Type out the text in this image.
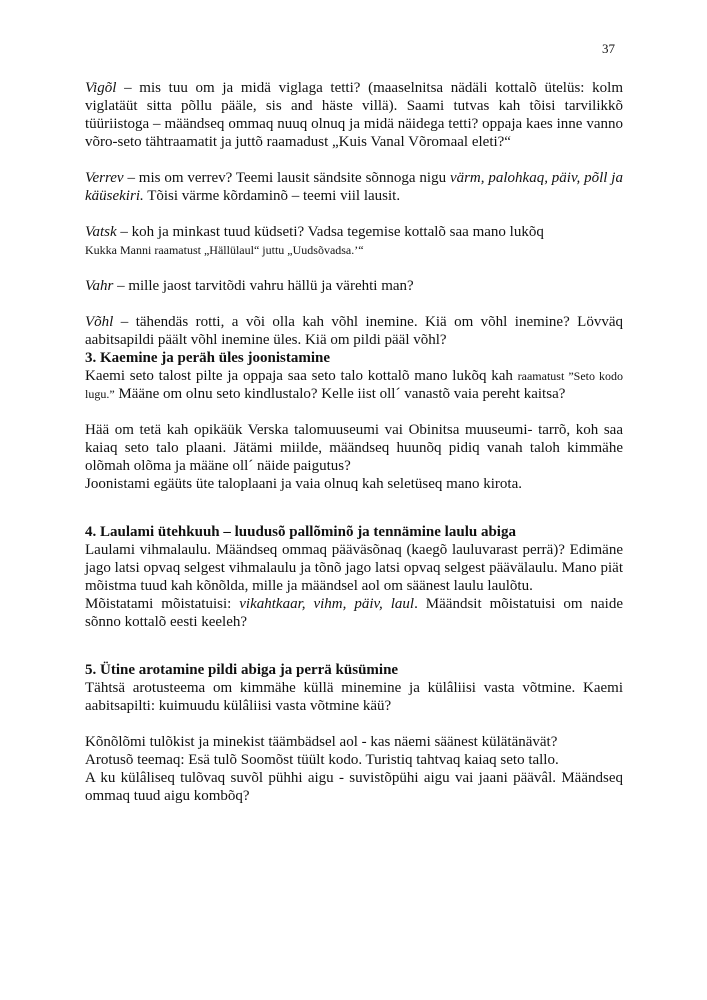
37

Vigõl – mis tuu om ja midä viglaga tetti? (maaselnitsa nädäli kottalõ ütelüs: kolm viglatäüt sitta põllu pääle, sis and häste villä). Saami tutvas kah tõisi tarvilikkõ tüüriistoga – määndseq ommaq nuuq olnuq ja midä näidega tetti? oppaja kaes inne vanno võro-seto tähtraamatit ja juttõ raamadust „Kuis Vanal Võromaal eleti?“

Verrev – mis om verrev? Teemi lausit sändsite sõnnoga nigu värm, palohkaq, päiv, põll ja käüsekiri. Tõisi värme kõrdaminõ – teemi viil lausit.

Vatsk – koh ja minkast tuud küdseti? Vadsa tegemise kottalõ saa mano lukõq
Kukka Manni raamatust „Hällülaul“ juttu „Uudsõvadsa.’“

Vahr – mille jaost tarvitõdi vahru hällü ja värehti man?

Võhl – tähendäs rotti, a või olla kah võhl inemine. Kiä om võhl inemine? Lövväq aabitsapildi päält võhl inemine üles. Kiä om pildi pääl võhl?

3. Kaemine ja peräh üles joonistamine

Kaemi seto talost pilte ja oppaja saa seto talo kottalõ mano lukõq kah raamatust ”Seto kodo lugu.” Määne om olnu seto kindlustalo? Kelle iist oll´ vanastõ vaia pereht kaitsa?

Hää om tetä kah opikäük Verska talomuuseumi vai Obinitsa muuseumi- tarrõ, koh saa kaiaq seto talo plaani. Jätämi miilde, määndseq huunõq pidiq vanah taloh kimmähe olõmah olõma ja määne oll´ näide paigutus?

Joonistami egäüts üte taloplaani ja vaia olnuq kah seletüseq mano kirota.

4. Laulami ütehkuuh – luudusõ pallõminõ ja tennämine laulu abiga

Laulami vihmalaulu. Määndseq ommaq pääväsõnaq (kaegõ lauluvarast perrä)? Edimäne jago latsi opvaq selgest vihmalaulu ja tõnõ jago latsi opvaq selgest päävälaulu. Mano piät mõistma tuud kah kõnõlda, mille ja määndsel aol om säänest laulu laulõtu.

Mõistatami mõistatuisi: vikahtkaar, vihm, päiv, laul. Määndsit mõistatuisi om naide sõnno kottalõ eesti keeleh?

5. Ütine arotamine pildi abiga ja perrä küsümine

Tähtsä arotusteema om kimmähe küllä minemine ja külâliisi vasta võtmine. Kaemi aabitsapilti: kuimuudu külâliisi vasta võtmine käü?

Kõnõlõmi tulõkist ja minekist täämbädsel aol - kas näemi säänest külätänävät?

Arotusõ teemaq: Esä tulõ Soomõst tüült kodo. Turistiq tahtvaq kaiaq seto tallo.

A ku külâliseq tulõvaq suvõl pühhi aigu - suvistõpühi aigu vai jaani päävâl. Määndseq ommaq tuud aigu kombõq?
